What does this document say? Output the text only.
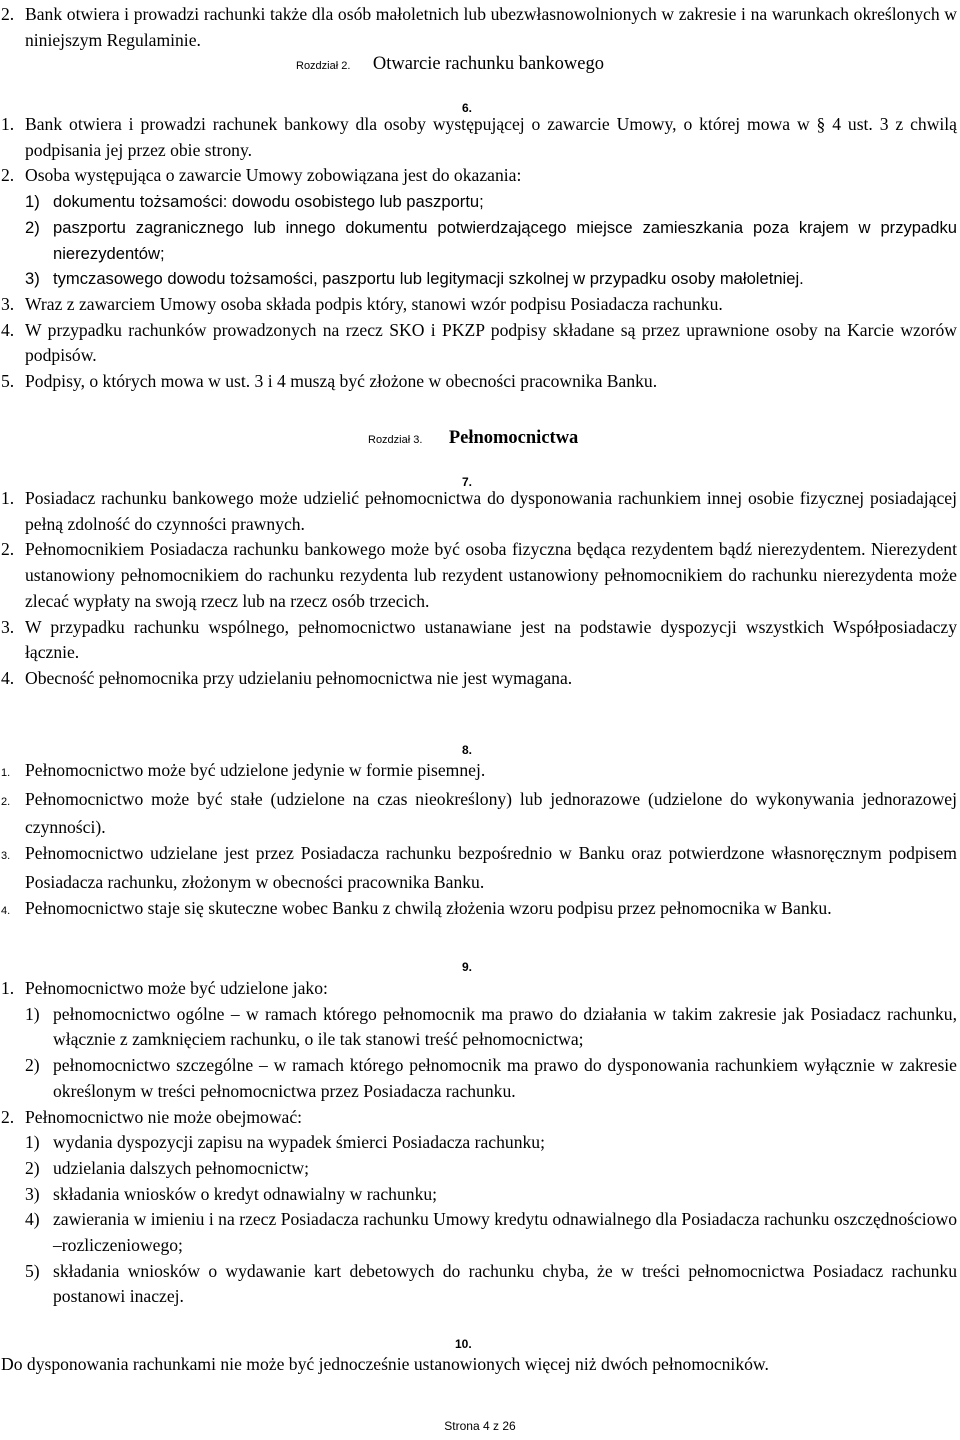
2. Bank otwiera i prowadzi rachunki także dla osób małoletnich lub ubezwłasnowolnionych w zakresie i na warunkach określonych w niniejszym Regulaminie.
Rozdział 2. Otwarcie rachunku bankowego
6.
1. Bank otwiera i prowadzi rachunek bankowy dla osoby występującej o zawarcie Umowy, o której mowa w § 4 ust. 3 z chwilą podpisania jej przez obie strony.
2. Osoba występująca o zawarcie Umowy zobowiązana jest do okazania:
1) dokumentu tożsamości: dowodu osobistego lub paszportu;
2) paszportu zagranicznego lub innego dokumentu potwierdzającego miejsce zamieszkania poza krajem w przypadku nierezydentów;
3) tymczasowego dowodu tożsamości, paszportu lub legitymacji szkolnej w przypadku osoby małoletniej.
3. Wraz z zawarciem Umowy osoba składa podpis który, stanowi wzór podpisu Posiadacza rachunku.
4. W przypadku rachunków prowadzonych na rzecz SKO i PKZP podpisy składane są przez uprawnione osoby na Karcie wzorów podpisów.
5. Podpisy, o których mowa w ust. 3 i 4 muszą być złożone w obecności pracownika Banku.
Rozdział 3. Pełnomocnictwa
7.
1. Posiadacz rachunku bankowego może udzielić pełnomocnictwa do dysponowania rachunkiem innej osobie fizycznej posiadającej pełną zdolność do czynności prawnych.
2. Pełnomocnikiem Posiadacza rachunku bankowego może być osoba fizyczna będąca rezydentem bądź nierezydentem. Nierezydent ustanowiony pełnomocnikiem do rachunku rezydenta lub rezydent ustanowiony pełnomocnikiem do rachunku nierezydenta może zlecać wypłaty na swoją rzecz lub na rzecz osób trzecich.
3. W przypadku rachunku wspólnego, pełnomocnictwo ustanawiane jest na podstawie dyspozycji wszystkich Współposiadaczy łącznie.
4. Obecność pełnomocnika przy udzielaniu pełnomocnictwa nie jest wymagana.
8.
1. Pełnomocnictwo może być udzielone jedynie w formie pisemnej.
2. Pełnomocnictwo może być stałe (udzielone na czas nieokreślony) lub jednorazowe (udzielone do wykonywania jednorazowej czynności).
3. Pełnomocnictwo udzielane jest przez Posiadacza rachunku bezpośrednio w Banku oraz potwierdzone własnoręcznym podpisem Posiadacza rachunku, złożonym w obecności pracownika Banku.
4. Pełnomocnictwo staje się skuteczne wobec Banku z chwilą złożenia wzoru podpisu przez pełnomocnika w Banku.
9.
1. Pełnomocnictwo może być udzielone jako:
1) pełnomocnictwo ogólne – w ramach którego pełnomocnik ma prawo do działania w takim zakresie jak Posiadacz rachunku, włącznie z zamknięciem rachunku, o ile tak stanowi treść pełnomocnictwa;
2) pełnomocnictwo szczególne – w ramach którego pełnomocnik ma prawo do dysponowania rachunkiem wyłącznie w zakresie określonym w treści pełnomocnictwa przez Posiadacza rachunku.
2. Pełnomocnictwo nie może obejmować:
1) wydania dyspozycji zapisu na wypadek śmierci Posiadacza rachunku;
2) udzielania dalszych pełnomocnictw;
3) składania wniosków o kredyt odnawialny w rachunku;
4) zawierania w imieniu i na rzecz Posiadacza rachunku Umowy kredytu odnawialnego dla Posiadacza rachunku oszczędnościowo –rozliczeniowego;
5) składania wniosków o wydawanie kart debetowych do rachunku chyba, że w treści pełnomocnictwa Posiadacz rachunku postanowi inaczej.
10.
Do dysponowania rachunkami nie może być jednocześnie ustanowionych więcej niż dwóch pełnomocników.
Strona 4 z 26
